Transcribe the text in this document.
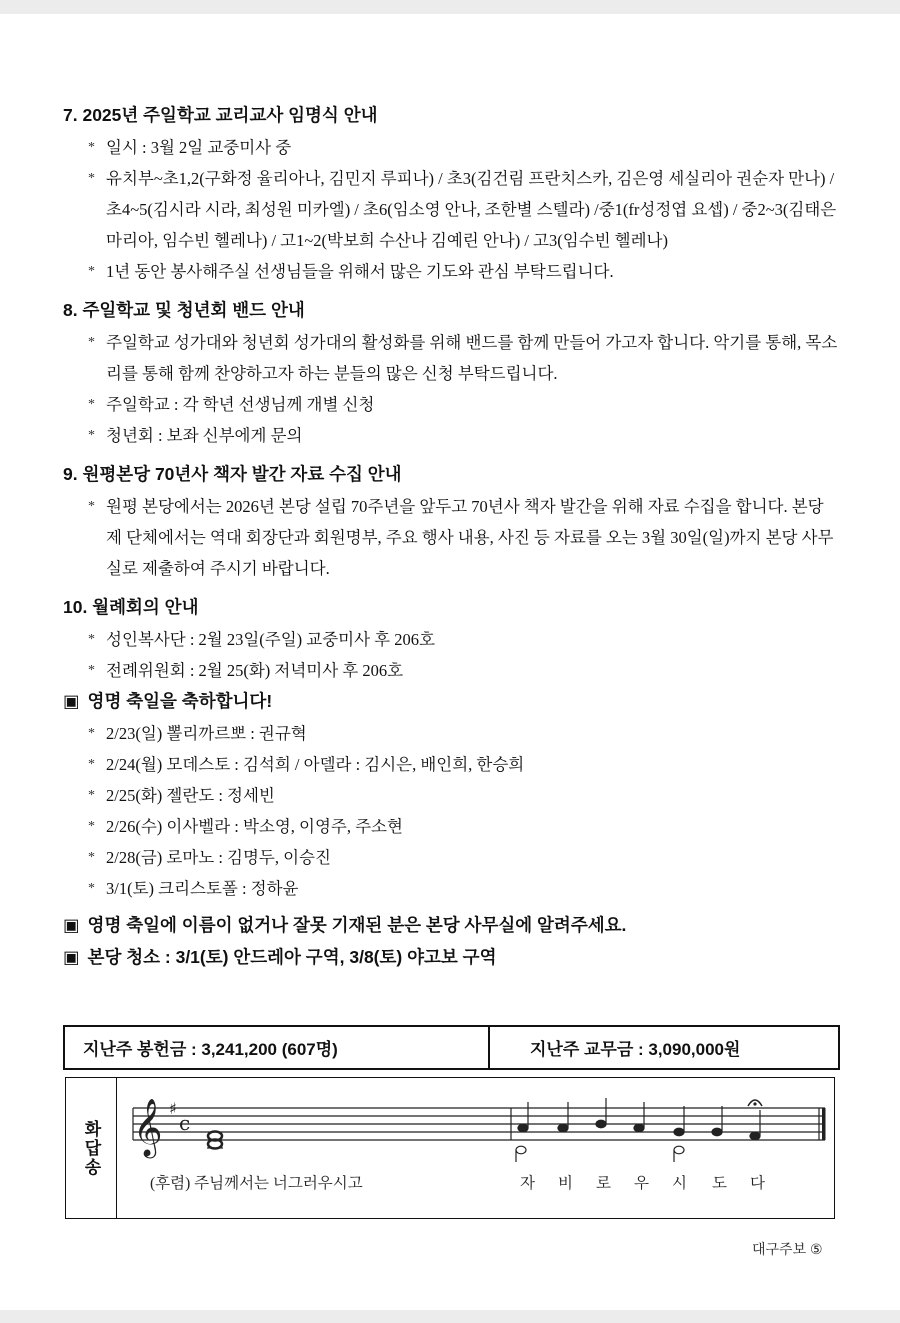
7. 2025년 주일학교 교리교사 임명식 안내

* 일시 : 3월 2일 교중미사 중
* 유치부~초1,2(구화정 율리아나, 김민지 루피나) / 초3(김건림 프란치스카, 김은영 세실리아 권순자 만나) / 초4~5(김시라 시라, 최성원 미카엘) / 초6(임소영 안나, 조한별 스텔라) /중1(fr성정엽 요셉) / 중2~3(김태은 마리아, 임수빈 헬레나) / 고1~2(박보희 수산나 김예린 안나) / 고3(임수빈 헬레나)
* 1년 동안 봉사해주실 선생님들을 위해서 많은 기도와 관심 부탁드립니다.

8. 주일학교 및 청년회 밴드 안내

* 주일학교 성가대와 청년회 성가대의 활성화를 위해 밴드를 함께 만들어 가고자 합니다. 악기를 통해, 목소리를 통해 함께 찬양하고자 하는 분들의 많은 신청 부탁드립니다.
* 주일학교 : 각 학년 선생님께 개별 신청
* 청년회 : 보좌 신부에게 문의

9. 원평본당 70년사 책자 발간 자료 수집 안내

* 원평 본당에서는 2026년 본당 설립 70주년을 앞두고 70년사 책자 발간을 위해 자료 수집을 합니다. 본당 제 단체에서는 역대 회장단과 회원명부, 주요 행사 내용, 사진 등 자료를 오는 3월 30일(일)까지 본당 사무실로 제출하여 주시기 바랍니다.

10. 월례회의 안내

* 성인복사단 : 2월 23일(주일) 교중미사 후 206호
* 전례위원회 : 2월 25(화) 저녁미사 후 206호

▣ 영명 축일을 축하합니다!

* 2/23(일) 뽈리까르뽀 : 권규혁
* 2/24(월) 모데스토 : 김석희 / 아델라 : 김시은, 배인희, 한승희
* 2/25(화) 젤란도 : 정세빈
* 2/26(수) 이사벨라 : 박소영, 이영주, 주소현
* 2/28(금) 로마노 : 김명두, 이승진
* 3/1(토) 크리스토폴 : 정하윤

▣ 영명 축일에 이름이 없거나 잘못 기재된 분은 본당 사무실에 알려주세요.

▣ 본당 청소 : 3/1(토) 안드레아 구역, 3/8(토) 야고보 구역

지난주 봉헌금 : 3,241,200 (607명)	지난주 교무금 : 3,090,000원
화답송 𝄞 ♯
c
(후렴) 주님께서는 너그러우시고	자 비 로 우 시 도 다
대구주보 ⑤
